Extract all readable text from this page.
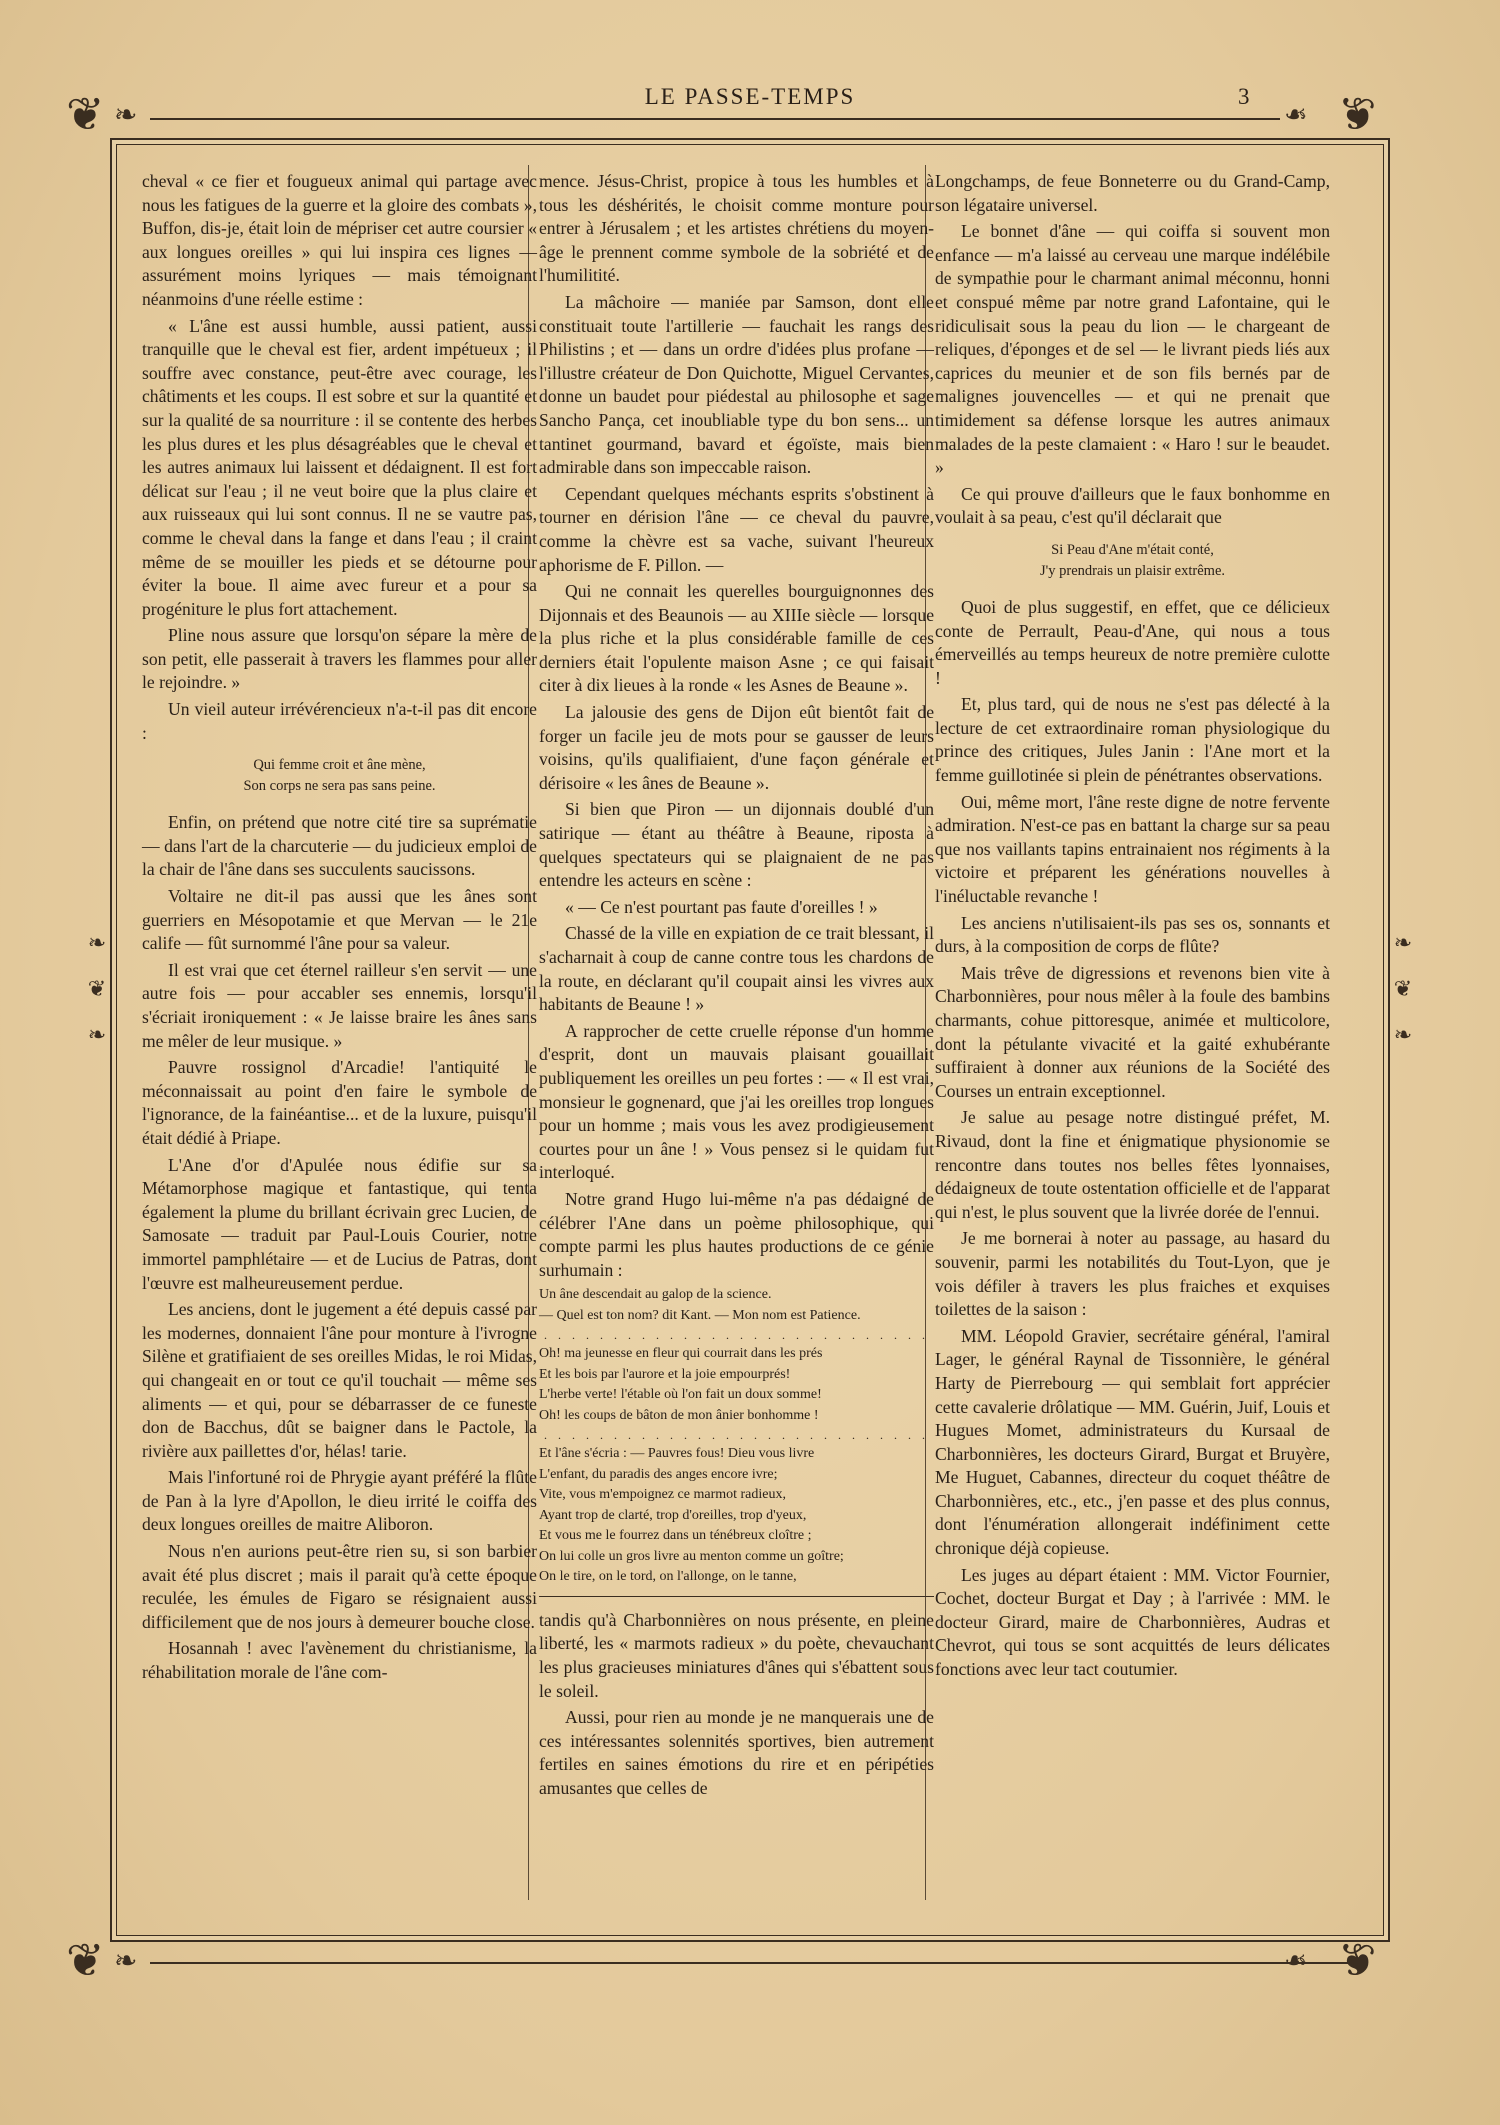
❦	❦
❧	❧
LE PASSE-TEMPS	3
❧
❦
❧
❧
❦
❧

cheval « ce fier et fougueux animal qui partage avec nous les fatigues de la guerre et la gloire des combats », Buffon, dis-je, était loin de mépriser cet autre coursier « aux longues oreilles » qui lui inspira ces lignes — assurément moins lyriques — mais témoignant néanmoins d'une réelle estime :

« L'âne est aussi humble, aussi patient, aussi tranquille que le cheval est fier, ardent impétueux ; il souffre avec constance, peut-être avec courage, les châtiments et les coups. Il est sobre et sur la quantité et sur la qualité de sa nourriture : il se contente des herbes les plus dures et les plus désagréables que le cheval et les autres animaux lui laissent et dédaignent. Il est fort délicat sur l'eau ; il ne veut boire que la plus claire et aux ruisseaux qui lui sont connus. Il ne se vautre pas, comme le cheval dans la fange et dans l'eau ; il craint même de se mouiller les pieds et se détourne pour éviter la boue. Il aime avec fureur et a pour sa progéniture le plus fort attachement.

Pline nous assure que lorsqu'on sépare la mère de son petit, elle passerait à travers les flammes pour aller le rejoindre. »

Un vieil auteur irrévérencieux n'a-t-il pas dit encore :

Qui femme croit et âne mène,
Son corps ne sera pas sans peine.

Enfin, on prétend que notre cité tire sa suprématie — dans l'art de la charcuterie — du judicieux emploi de la chair de l'âne dans ses succulents saucissons.

Voltaire ne dit-il pas aussi que les ânes sont guerriers en Mésopotamie et que Mervan — le 21e calife — fût surnommé l'âne pour sa valeur.

Il est vrai que cet éternel railleur s'en servit — une autre fois — pour accabler ses ennemis, lorsqu'il s'écriait ironiquement : « Je laisse braire les ânes sans me mêler de leur musique. »

Pauvre rossignol d'Arcadie! l'antiquité le méconnaissait au point d'en faire le symbole de l'ignorance, de la fainéantise... et de la luxure, puisqu'il était dédié à Priape.

L'Ane d'or d'Apulée nous édifie sur sa Métamorphose magique et fantastique, qui tenta également la plume du brillant écrivain grec Lucien, de Samosate — traduit par Paul-Louis Courier, notre immortel pamphlétaire — et de Lucius de Patras, dont l'œuvre est malheureusement perdue.

Les anciens, dont le jugement a été depuis cassé par les modernes, donnaient l'âne pour monture à l'ivrogne Silène et gratifiaient de ses oreilles Midas, le roi Midas, qui changeait en or tout ce qu'il touchait — même ses aliments — et qui, pour se débarrasser de ce funeste don de Bacchus, dût se baigner dans le Pactole, la rivière aux paillettes d'or, hélas! tarie.

Mais l'infortuné roi de Phrygie ayant préféré la flûte de Pan à la lyre d'Apollon, le dieu irrité le coiffa des deux longues oreilles de maitre Aliboron.

Nous n'en aurions peut-être rien su, si son barbier avait été plus discret ; mais il parait qu'à cette époque reculée, les émules de Figaro se résignaient aussi difficilement que de nos jours à demeurer bouche close.

Hosannah ! avec l'avènement du christianisme, la réhabilitation morale de l'âne com-

mence. Jésus-Christ, propice à tous les humbles et à tous les déshérités, le choisit comme monture pour entrer à Jérusalem ; et les artistes chrétiens du moyen-âge le prennent comme symbole de la sobriété et de l'humilitité.

La mâchoire — maniée par Samson, dont elle constituait toute l'artillerie — fauchait les rangs des Philistins ; et — dans un ordre d'idées plus profane — l'illustre créateur de Don Quichotte, Miguel Cervantes, donne un baudet pour piédestal au philosophe et sage Sancho Pança, cet inoubliable type du bon sens... un tantinet gourmand, bavard et égoïste, mais bien admirable dans son impeccable raison.

Cependant quelques méchants esprits s'obstinent à tourner en dérision l'âne — ce cheval du pauvre, comme la chèvre est sa vache, suivant l'heureux aphorisme de F. Pillon. —

Qui ne connait les querelles bourguignonnes des Dijonnais et des Beaunois — au XIIIe siècle — lorsque la plus riche et la plus considérable famille de ces derniers était l'opulente maison Asne ; ce qui faisait citer à dix lieues à la ronde « les Asnes de Beaune ».

La jalousie des gens de Dijon eût bientôt fait de forger un facile jeu de mots pour se gausser de leurs voisins, qu'ils qualifiaient, d'une façon générale et dérisoire « les ânes de Beaune ».

Si bien que Piron — un dijonnais doublé d'un satirique — étant au théâtre à Beaune, riposta à quelques spectateurs qui se plaignaient de ne pas entendre les acteurs en scène :

« — Ce n'est pourtant pas faute d'oreilles ! »

Chassé de la ville en expiation de ce trait blessant, il s'acharnait à coup de canne contre tous les chardons de la route, en déclarant qu'il coupait ainsi les vivres aux habitants de Beaune ! »

A rapprocher de cette cruelle réponse d'un homme d'esprit, dont un mauvais plaisant gouaillait publiquement les oreilles un peu fortes : — « Il est vrai, monsieur le gognenard, que j'ai les oreilles trop longues pour un homme ; mais vous les avez prodigieusement courtes pour un âne ! » Vous pensez si le quidam fut interloqué.

Notre grand Hugo lui-même n'a pas dédaigné de célébrer l'Ane dans un poème philosophique, qui compte parmi les plus hautes productions de ce génie surhumain :

Un âne descendait au galop de la science.
— Quel est ton nom? dit Kant. — Mon nom est Patience.

. . . . . . . . . . . . . . . . . . . . . . . . . . . .

Oh! ma jeunesse en fleur qui courrait dans les prés
Et les bois par l'aurore et la joie empourprés!
L'herbe verte! l'étable où l'on fait un doux somme!
Oh! les coups de bâton de mon ânier bonhomme !

. . . . . . . . . . . . . . . . . . . . . . . . . . . .

Et l'âne s'écria : — Pauvres fous! Dieu vous livre
L'enfant, du paradis des anges encore ivre;
Vite, vous m'empoignez ce marmot radieux,
Ayant trop de clarté, trop d'oreilles, trop d'yeux,
Et vous me le fourrez dans un ténébreux cloître ;
On lui colle un gros livre au menton comme un goître;
On le tire, on le tord, on l'allonge, on le tanne,

tandis qu'à Charbonnières on nous présente, en pleine liberté, les « marmots radieux » du poète, chevauchant les plus gracieuses miniatures d'ânes qui s'ébattent sous le soleil.

Aussi, pour rien au monde je ne manquerais une de ces intéressantes solennités sportives, bien autrement fertiles en saines émotions du rire et en péripéties amusantes que celles de

Longchamps, de feue Bonneterre ou du Grand-Camp, son légataire universel.

Le bonnet d'âne — qui coiffa si souvent mon enfance — m'a laissé au cerveau une marque indélébile de sympathie pour le charmant animal méconnu, honni et conspué même par notre grand Lafontaine, qui le ridiculisait sous la peau du lion — le chargeant de reliques, d'éponges et de sel — le livrant pieds liés aux caprices du meunier et de son fils bernés par de malignes jouvencelles — et qui ne prenait que timidement sa défense lorsque les autres animaux malades de la peste clamaient : « Haro ! sur le beaudet. »

Ce qui prouve d'ailleurs que le faux bonhomme en voulait à sa peau, c'est qu'il déclarait que

Si Peau d'Ane m'était conté,
J'y prendrais un plaisir extrême.

Quoi de plus suggestif, en effet, que ce délicieux conte de Perrault, Peau-d'Ane, qui nous a tous émerveillés au temps heureux de notre première culotte !

Et, plus tard, qui de nous ne s'est pas délecté à la lecture de cet extraordinaire roman physiologique du prince des critiques, Jules Janin : l'Ane mort et la femme guillotinée si plein de pénétrantes observations.

Oui, même mort, l'âne reste digne de notre fervente admiration. N'est-ce pas en battant la charge sur sa peau que nos vaillants tapins entrainaient nos régiments à la victoire et préparent les générations nouvelles à l'inéluctable revanche !

Les anciens n'utilisaient-ils pas ses os, sonnants et durs, à la composition de corps de flûte?

Mais trêve de digressions et revenons bien vite à Charbonnières, pour nous mêler à la foule des bambins charmants, cohue pittoresque, animée et multicolore, dont la pétulante vivacité et la gaité exhubérante suffiraient à donner aux réunions de la Société des Courses un entrain exceptionnel.

Je salue au pesage notre distingué préfet, M. Rivaud, dont la fine et énigmatique physionomie se rencontre dans toutes nos belles fêtes lyonnaises, dédaigneux de toute ostentation officielle et de l'apparat qui n'est, le plus souvent que la livrée dorée de l'ennui.

Je me bornerai à noter au passage, au hasard du souvenir, parmi les notabilités du Tout-Lyon, que je vois défiler à travers les plus fraiches et exquises toilettes de la saison :

MM. Léopold Gravier, secrétaire général, l'amiral Lager, le général Raynal de Tissonnière, le général Harty de Pierrebourg — qui semblait fort apprécier cette cavalerie drôlatique — MM. Guérin, Juif, Louis et Hugues Momet, administrateurs du Kursaal de Charbonnières, les docteurs Girard, Burgat et Bruyère, Me Huguet, Cabannes, directeur du coquet théâtre de Charbonnières, etc., etc., j'en passe et des plus connus, dont l'énumération allongerait indéfiniment cette chronique déjà copieuse.

Les juges au départ étaient : MM. Victor Fournier, Cochet, docteur Burgat et Day ; à l'arrivée : MM. le docteur Girard, maire de Charbonnières, Audras et Chevrot, qui tous se sont acquittés de leurs délicates fonctions avec leur tact coutumier.

❦	❦
❧	❧
